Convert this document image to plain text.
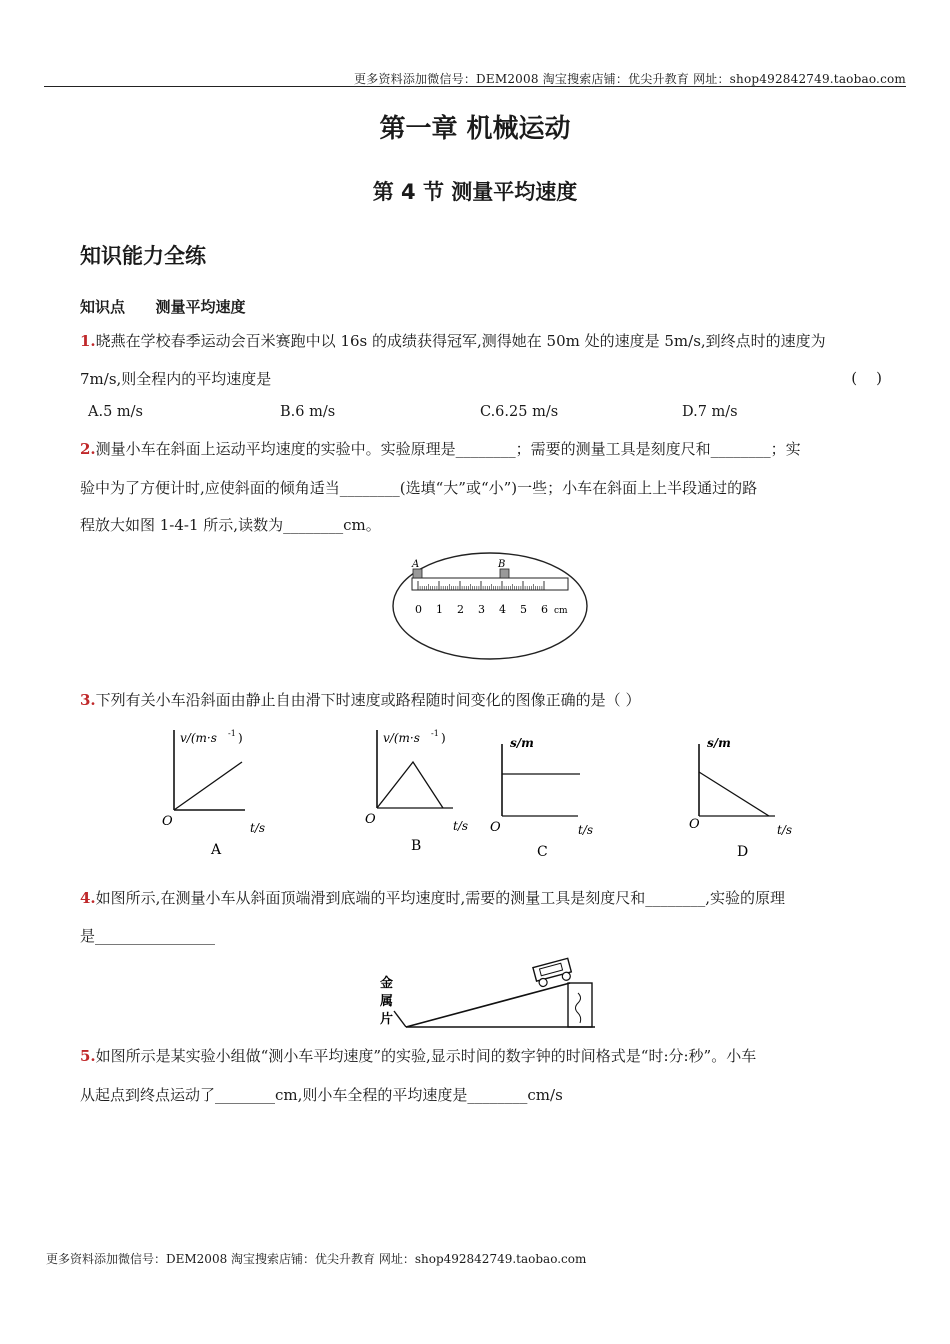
更多资料添加微信号：DEM2008 淘宝搜索店铺：优尖升教育 网址：shop492842749.taobao.com
更多资料添加微信号：DEM2008 淘宝搜索店铺：优尖升教育 网址：shop492842749.taobao.com
第一章 机械运动
第 4 节 测量平均速度
知识能力全练
知识点  测量平均速度
1.晓燕在学校春季运动会百米赛跑中以 16s 的成绩获得冠军,测得她在 50m 处的速度是 5m/s,到终点时的速度为
7m/s,则全程内的平均速度是	(    )
A.5 m/s	B.6 m/s	C.6.25 m/s	D.7 m/s
2.测量小车在斜面上运动平均速度的实验中。实验原理是________；需要的测量工具是刻度尺和________；实
验中为了方便计时,应使斜面的倾角适当________(选填“大”或“小”)一些；小车在斜面上上半段通过的路
程放大如图 1-4-1 所示,读数为________cm。
A	B
0 1 2 3 4 5 6 cm
3.下列有关小车沿斜面由静止自由滑下时速度或路程随时间变化的图像正确的是（ ）
v/(m·s -1 )
O	t/s
A
v/(m·s -1 )
O	t/s
B
s/m
O	t/s
C
s/m
O	t/s
D
4.如图所示,在测量小车从斜面顶端滑到底端的平均速度时,需要的测量工具是刻度尺和________,实验的原理
是________________
金
属
片
5.如图所示是某实验小组做“测小车平均速度”的实验,显示时间的数字钟的时间格式是“时:分:秒”。小车
从起点到终点运动了________cm,则小车全程的平均速度是________cm/s
